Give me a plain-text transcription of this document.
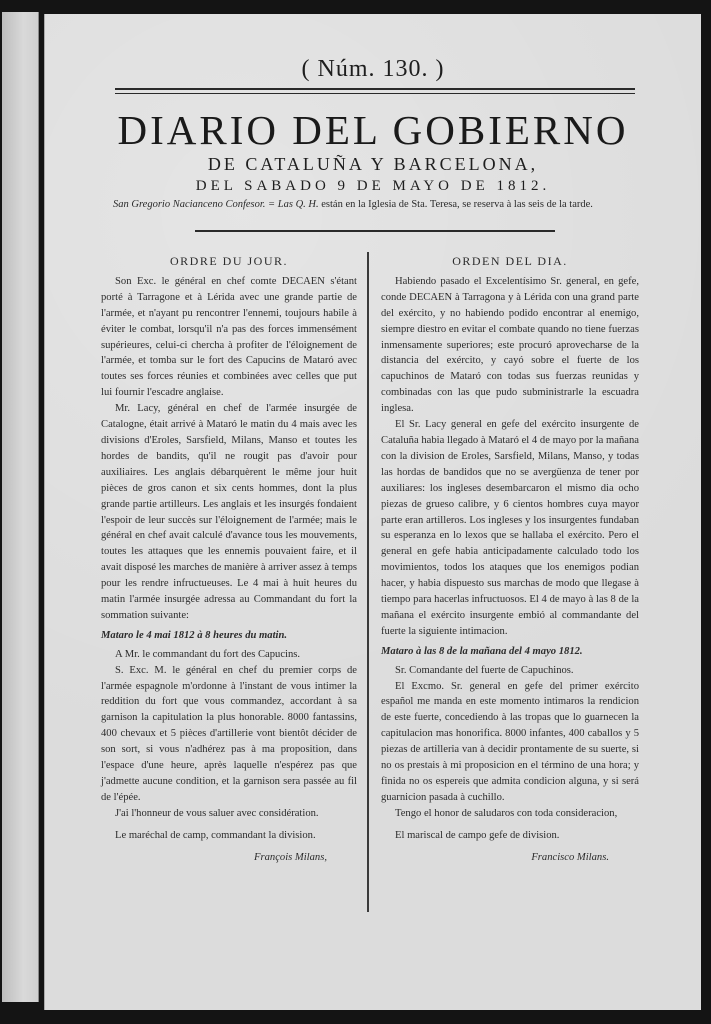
( Núm. 130. )
DIARIO DEL GOBIERNO
DE CATALUÑA Y BARCELONA,
DEL SABADO 9 DE MAYO DE 1812.
San Gregorio Nacianceno Confesor. = Las Q. H. están en la Iglesia de Sta. Teresa, se reserva à las seis de la tarde.
ORDRE DU JOUR.

Son Exc. le général en chef comte DECAEN s'étant porté à Tarragone et à Lérida avec une grande partie de l'armée, et n'ayant pu rencontrer l'ennemi, toujours habile à éviter le combat, lorsqu'il n'a pas des forces immensément supérieures, celui-ci chercha à profiter de l'éloignement de l'armée, et tomba sur le fort des Capucins de Mataró avec toutes ses forces réunies et combinées avec celles que put lui fournir l'escadre anglaise.

Mr. Lacy, général en chef de l'armée insurgée de Catalogne, était arrivé à Mataró le matin du 4 mais avec les divisions d'Eroles, Sarsfield, Milans, Manso et toutes les hordes de bandits, qu'il ne rougit pas d'avoir pour auxiliaires. Les anglais débarquèrent le même jour huit pièces de gros canon et six cents hommes, dont la plus grande partie artilleurs. Les anglais et les insurgés fondaient l'espoir de leur succès sur l'éloignement de l'armée; mais le général en chef avait calculé d'avance tous les mouvements, toutes les attaques que les ennemis pouvaient faire, et il avait disposé les marches de manière à arriver assez à temps pour les rendre infructueuses. Le 4 mai à huit heures du matin l'armée insurgée adressa au Commandant du fort la sommation suivante:

Mataro le 4 mai 1812 à 8 heures du matin.

A Mr. le commandant du fort des Capucins.

S. Exc. M. le général en chef du premier corps de l'armée espagnole m'ordonne à l'instant de vous intimer la reddition du fort que vous commandez, accordant à sa garnison la capitulation la plus honorable. 8000 fantassins, 400 chevaux et 5 pièces d'artillerie vont bientôt décider de son sort, si vous n'adhérez pas à ma proposition, dans l'espace d'une heure, après laquelle n'espérez pas que j'admette aucune condition, et la garnison sera passée au fil de l'épée.

J'ai l'honneur de vous saluer avec considération.

Le maréchal de camp, commandant la division.

François Milans,

ORDEN DEL DIA.

Habiendo pasado el Excelentísimo Sr. general, en gefe, conde DECAEN à Tarragona y à Lérida con una grand parte del exército, y no habiendo podido encontrar al enemigo, siempre diestro en evitar el combate quando no tiene fuerzas inmensamente superiores; este procuró aprovecharse de la distancia del exército, y cayó sobre el fuerte de los capuchinos de Mataró con todas sus fuerzas reunidas y combinadas con las que pudo subministrarle la escuadra inglesa.

El Sr. Lacy general en gefe del exército insurgente de Cataluña habia llegado à Mataró el 4 de mayo por la mañana con la division de Eroles, Sarsfield, Milans, Manso, y todas las hordas de bandidos que no se avergüenza de tener por auxiliares: los ingleses desembarcaron el mismo dia ocho piezas de grueso calibre, y 6 cientos hombres cuya mayor parte eran artilleros. Los ingleses y los insurgentes fundaban su esperanza en lo lexos que se hallaba el exército. Pero el general en gefe habia anticipadamente calculado todo los movimientos, todos los ataques que los enemigos podian hacer, y habia dispuesto sus marchas de modo que llegase à tiempo para hacerlas infructuosos. El 4 de mayo à las 8 de la mañana el exército insurgente embió al commandante del fuerte la siguiente intimacion.

Mataro à las 8 de la mañana del 4 mayo 1812.

Sr. Comandante del fuerte de Capuchinos.

El Excmo. Sr. general en gefe del primer exército español me manda en este momento intimaros la rendicion de este fuerte, concediendo à las tropas que lo guarnecen la capitulacion mas honorifica. 8000 infantes, 400 caballos y 5 piezas de artilleria van à decidir prontamente de su suerte, si no os prestais à mi proposicion en el término de una hora; y finida no os espereis que admita condicion alguna, y si será guarnicion pasada à cuchillo.

Tengo el honor de saludaros con toda consideracion,

El mariscal de campo gefe de division.

Francisco Milans.
